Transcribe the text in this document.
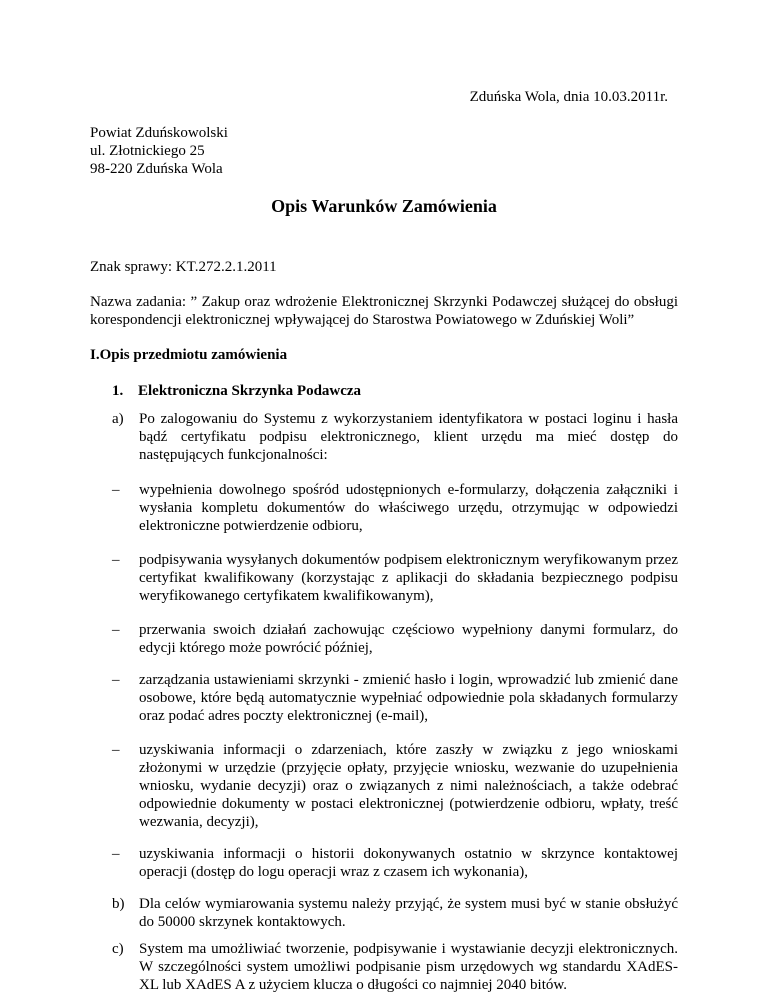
Zduńska Wola, dnia 10.03.2011r.
Powiat Zduńskowolski
ul. Złotnickiego 25
98-220 Zduńska Wola
Opis Warunków Zamówienia
Znak sprawy: KT.272.2.1.2011
Nazwa zadania: ” Zakup oraz wdrożenie Elektronicznej Skrzynki Podawczej służącej do obsługi korespondencji elektronicznej wpływającej do Starostwa Powiatowego w Zduńskiej Woli”
I.Opis przedmiotu zamówienia
1. Elektroniczna Skrzynka Podawcza
a) Po zalogowaniu do Systemu z wykorzystaniem identyfikatora w postaci loginu i hasła bądź certyfikatu podpisu elektronicznego, klient urzędu ma mieć dostęp do następujących funkcjonalności:
– wypełnienia dowolnego spośród udostępnionych e-formularzy, dołączenia załączniki i wysłania kompletu dokumentów do właściwego urzędu, otrzymując w odpowiedzi elektroniczne potwierdzenie odbioru,
– podpisywania wysyłanych dokumentów podpisem elektronicznym weryfikowanym przez certyfikat kwalifikowany (korzystając z aplikacji do składania bezpiecznego podpisu weryfikowanego certyfikatem kwalifikowanym),
– przerwania swoich działań zachowując częściowo wypełniony danymi formularz, do edycji którego może powrócić później,
– zarządzania ustawieniami skrzynki - zmienić hasło i login, wprowadzić lub zmienić dane osobowe, które będą automatycznie wypełniać odpowiednie pola składanych formularzy oraz podać adres poczty elektronicznej (e-mail),
– uzyskiwania informacji o zdarzeniach, które zaszły w związku z jego wnioskami złożonymi w urzędzie (przyjęcie opłaty, przyjęcie wniosku, wezwanie do uzupełnienia wniosku, wydanie decyzji) oraz o związanych z nimi należnościach, a także odebrać odpowiednie dokumenty w postaci elektronicznej (potwierdzenie odbioru, wpłaty, treść wezwania, decyzji),
– uzyskiwania informacji o historii dokonywanych ostatnio w skrzynce kontaktowej operacji (dostęp do logu operacji wraz z czasem ich wykonania),
b) Dla celów wymiarowania systemu należy przyjąć, że system musi być w stanie obsłużyć do 50000 skrzynek kontaktowych.
c) System ma umożliwiać tworzenie, podpisywanie i wystawianie decyzji elektronicznych. W szczególności system umożliwi podpisanie pism urzędowych wg standardu XAdES-XL lub XAdES A z użyciem klucza o długości co najmniej 2040 bitów.
